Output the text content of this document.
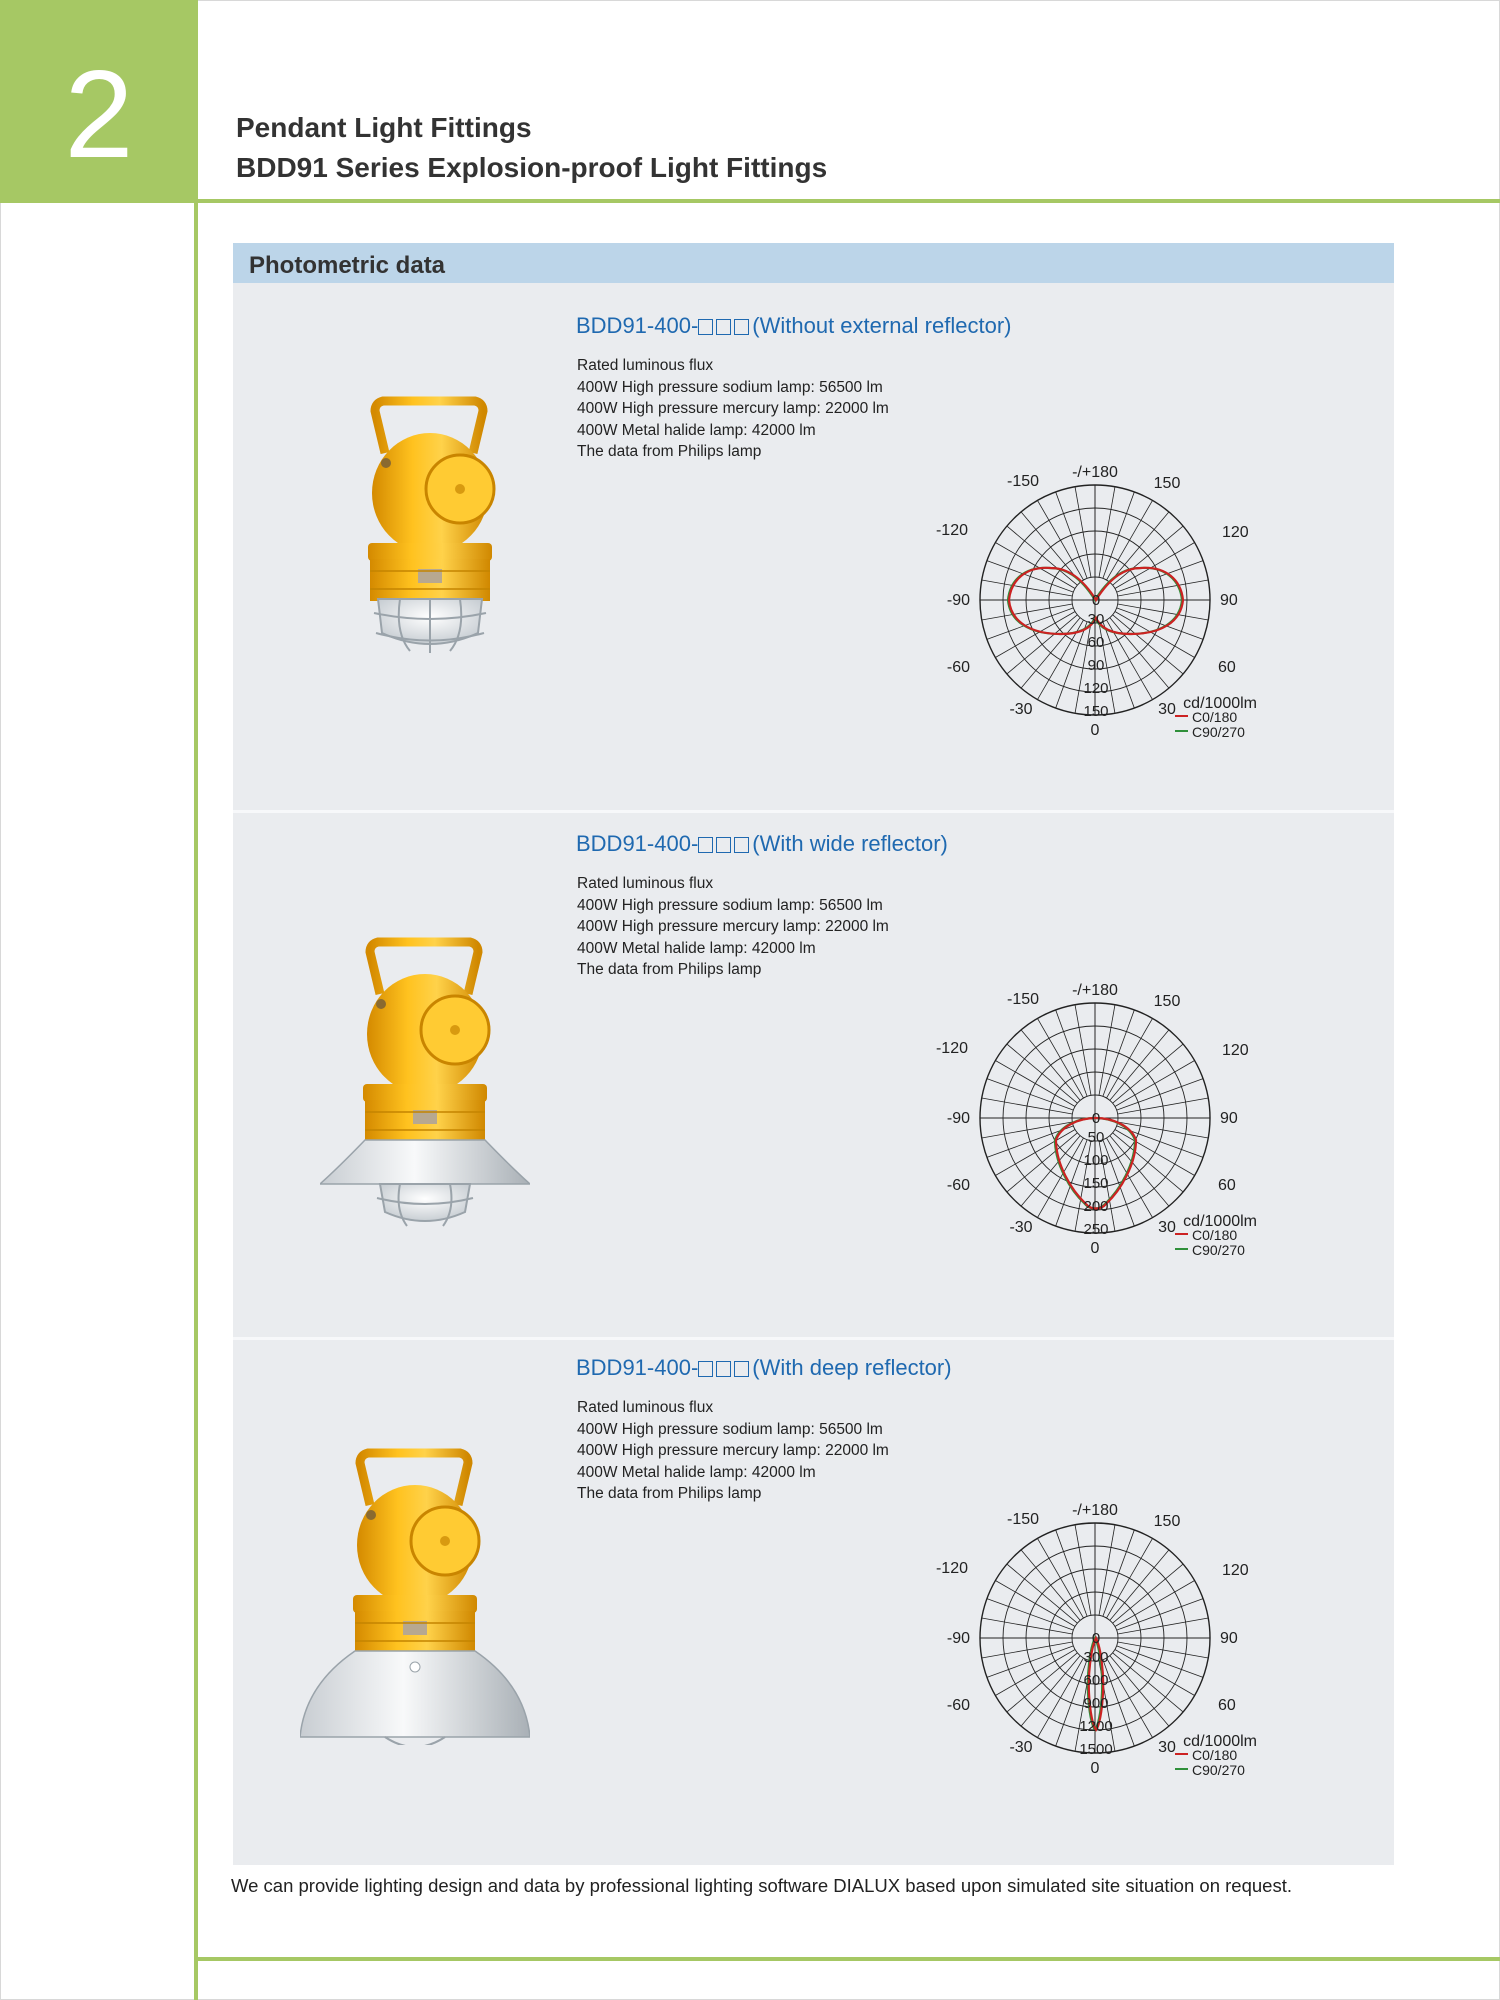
2	Pendant Light Fittings
BDD91 Series Explosion-proof Light Fittings
Photometric data
BDD91-400- (Without external reflector)
Rated luminous flux
400W High pressure sodium lamp: 56500 lm
400W High pressure mercury lamp: 22000 lm
400W Metal halide lamp: 42000 lm
The data from Philips lamp
-/+180
-150	150
-120	120
-90	90
-60	60
-30	30
0
0
30
60
90
120
150	cd/1000lm
C0/180
C90/270
BDD91-400- (With wide reflector)
Rated luminous flux
400W High pressure sodium lamp: 56500 lm
400W High pressure mercury lamp: 22000 lm
400W Metal halide lamp: 42000 lm
The data from Philips lamp
-/+180
-150	150
-120	120
-90	90
-60	60
-30	30
0
0
50
100
150
200
250	cd/1000lm
C0/180
C90/270
BDD91-400- (With deep reflector)
Rated luminous flux
400W High pressure sodium lamp: 56500 lm
400W High pressure mercury lamp: 22000 lm
400W Metal halide lamp: 42000 lm
The data from Philips lamp
-/+180
-150	150
-120	120
-90	90
-60	60
-30	30
0
0
300
600
900
1200
1500	cd/1000lm
C0/180
C90/270
We can provide lighting design and data by professional lighting software DIALUX based upon simulated site situation on request.
